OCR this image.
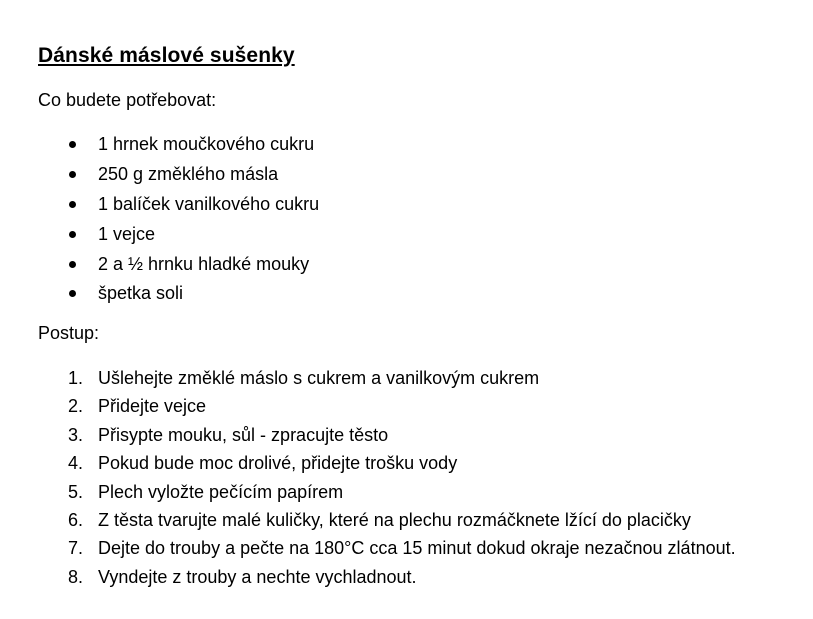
Dánské máslové sušenky
Co budete potřebovat:
1 hrnek moučkového cukru
250 g změklého másla
1 balíček vanilkového cukru
1 vejce
2 a ½ hrnku hladké mouky
špetka soli
Postup:
1. Ušlehejte změklé máslo s cukrem a vanilkovým cukrem
2. Přidejte vejce
3. Přisypte mouku, sůl - zpracujte těsto
4. Pokud bude moc drolivé, přidejte trošku vody
5. Plech vyložte pečícím papírem
6. Z těsta tvarujte malé kuličky, které na plechu rozmáčknete lžící do placičky
7. Dejte do trouby a pečte na 180°C cca 15 minut dokud okraje nezačnou zlátnout.
8. Vyndejte z trouby a nechte vychladnout.
